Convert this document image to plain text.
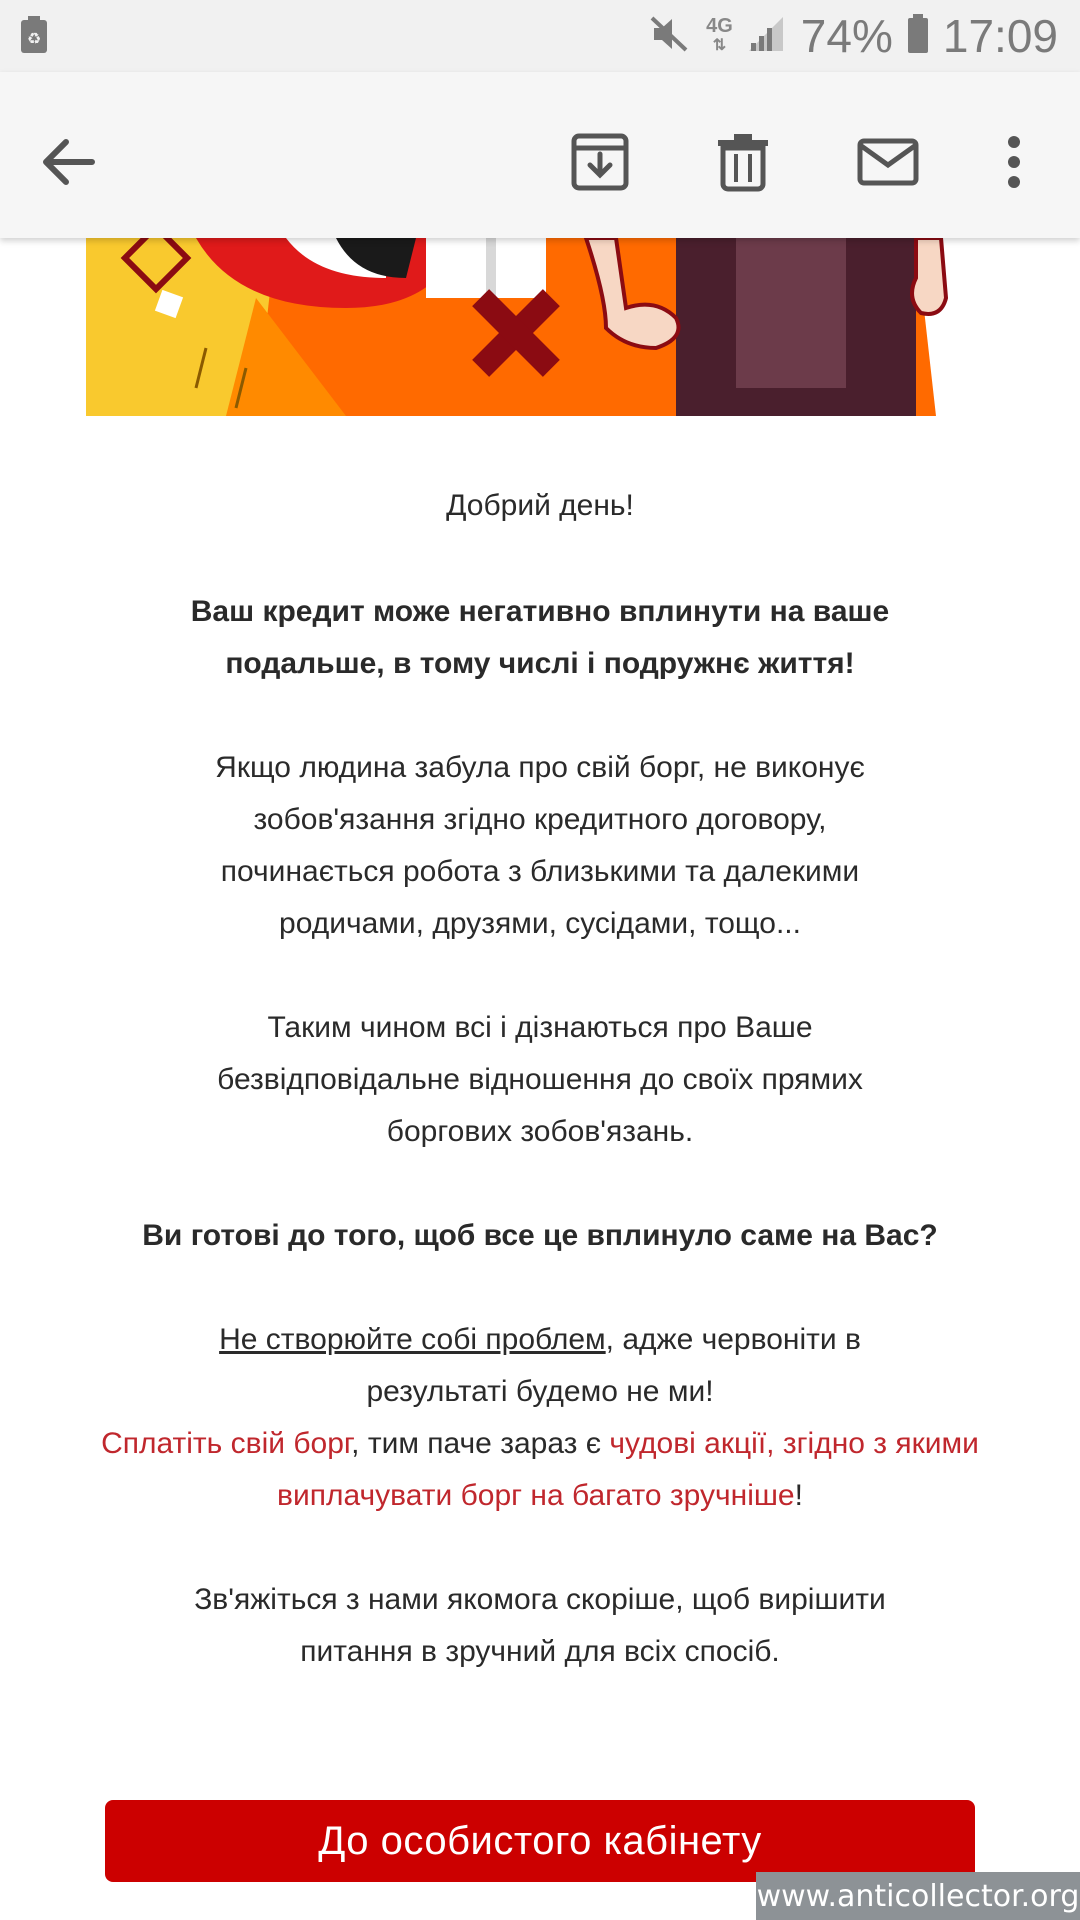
♻
4G
⇅ 74% 17:09

Добрий день!

Ваш кредит може негативно вплинути на ваше подальше, в тому числі і подружнє життя!

Якщо людина забула про свій борг, не виконує зобов'язання згідно кредитного договору, починається робота з близькими та далекими родичами, друзями, сусідами, тощо...

Таким чином всі і дізнаються про Ваше безвідповідальне відношення до своїх прямих боргових зобов'язань.

Ви готові до того, щоб все це вплинуло саме на Вас?

Не створюйте собі проблем, адже червоніти в результаті будемо не ми!

Сплатіть свій борг, тим паче зараз є чудові акції, згідно з якими виплачувати борг на багато зручніше!

Зв'яжіться з нами якомога скоріше, щоб вирішити питання в зручний для всіх спосіб.

До особистого кабінету
www.anticollector.org
